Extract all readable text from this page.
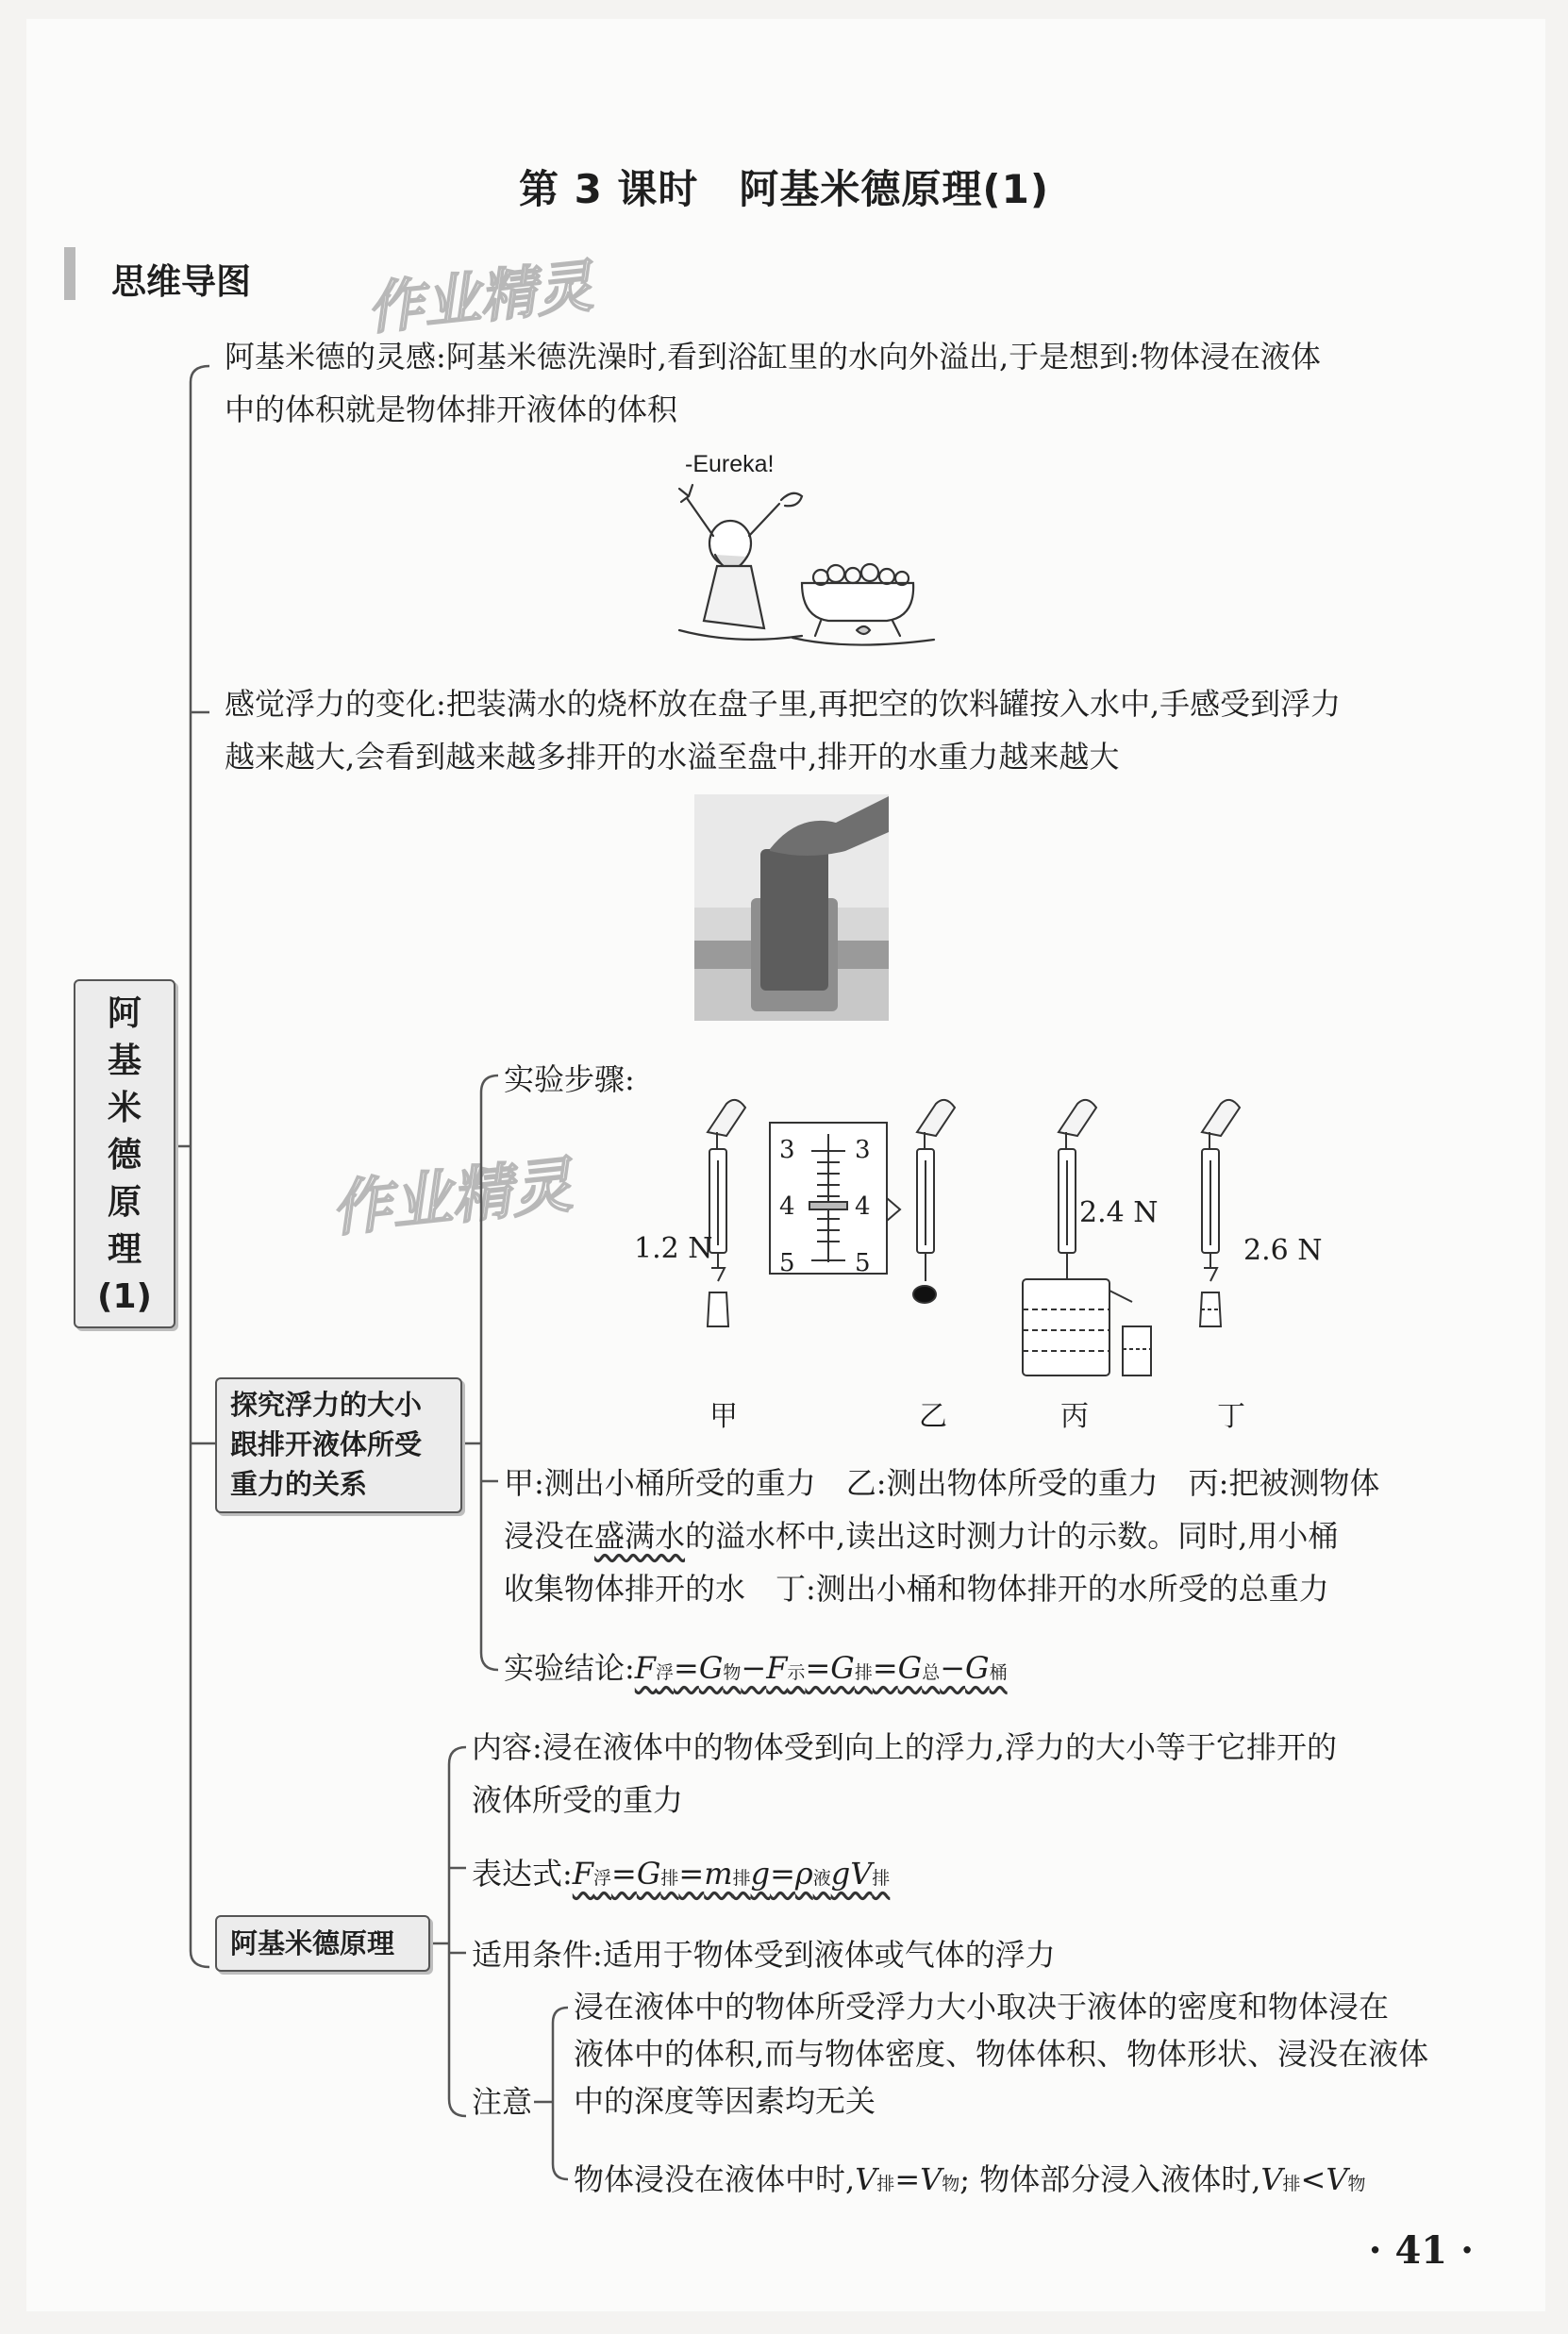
第 3 课时　阿基米德原理(1)
思维导图 作业精灵
作业精灵
阿
基
米
德
原
理
(1)
阿基米德的灵感:阿基米德洗澡时,看到浴缸里的水向外溢出,于是想到:物体浸在液体
中的体积就是物体排开液体的体积
-Eureka!
感觉浮力的变化:把装满水的烧杯放在盘子里,再把空的饮料罐按入水中,手感受到浮力
越来越大,会看到越来越多排开的水溢至盘中,排开的水重力越来越大
探究浮力的大小
跟排开液体所受
重力的关系
实验步骤:
1.2 N
2.4 N
2.6 N
3 3
4 4
5 5
甲	乙	丙	丁
甲:测出小桶所受的重力　乙:测出物体所受的重力　丙:把被测物体
浸没在盛满水的溢水杯中,读出这时测力计的示数。同时,用小桶
收集物体排开的水　丁:测出小桶和物体排开的水所受的总重力
实验结论:F浮=G物−F示=G排=G总−G桶
阿基米德原理
内容:浸在液体中的物体受到向上的浮力,浮力的大小等于它排开的
液体所受的重力
表达式:F浮=G排=m排g=ρ液gV排
适用条件:适用于物体受到液体或气体的浮力
注意
浸在液体中的物体所受浮力大小取决于液体的密度和物体浸在
液体中的体积,而与物体密度、物体体积、物体形状、浸没在液体
中的深度等因素均无关
物体浸没在液体中时,V排=V物; 物体部分浸入液体时,V排<V物
· 41 ·
